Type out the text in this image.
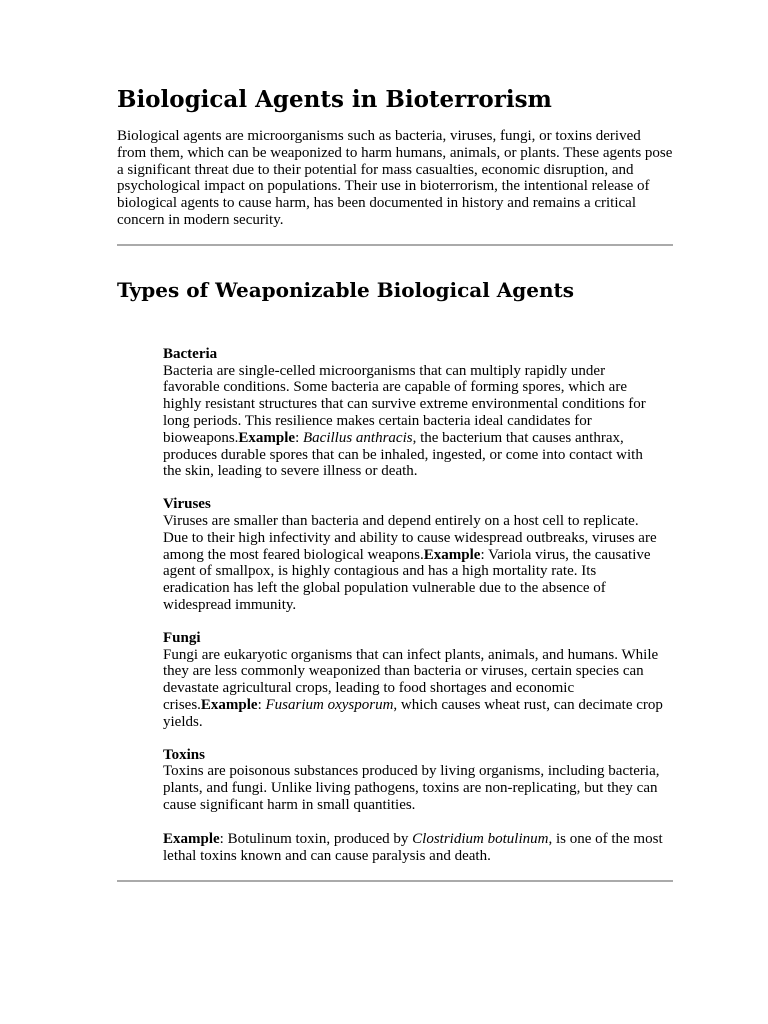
Biological Agents in Bioterrorism

Biological agents are microorganisms such as bacteria, viruses, fungi, or toxins derived from them, which can be weaponized to harm humans, animals, or plants. These agents pose a significant threat due to their potential for mass casualties, economic disruption, and psychological impact on populations. Their use in bioterrorism, the intentional release of biological agents to cause harm, has been documented in history and remains a critical concern in modern security.

Types of Weaponizable Biological Agents

Bacteria
Bacteria are single-celled microorganisms that can multiply rapidly under favorable conditions. Some bacteria are capable of forming spores, which are highly resistant structures that can survive extreme environmental conditions for long periods. This resilience makes certain bacteria ideal candidates for bioweapons.Example: Bacillus anthracis, the bacterium that causes anthrax, produces durable spores that can be inhaled, ingested, or come into contact with the skin, leading to severe illness or death.

Viruses
Viruses are smaller than bacteria and depend entirely on a host cell to replicate. Due to their high infectivity and ability to cause widespread outbreaks, viruses are among the most feared biological weapons.Example: Variola virus, the causative agent of smallpox, is highly contagious and has a high mortality rate. Its eradication has left the global population vulnerable due to the absence of widespread immunity.

Fungi
Fungi are eukaryotic organisms that can infect plants, animals, and humans. While they are less commonly weaponized than bacteria or viruses, certain species can devastate agricultural crops, leading to food shortages and economic crises.Example: Fusarium oxysporum, which causes wheat rust, can decimate crop yields.

Toxins
Toxins are poisonous substances produced by living organisms, including bacteria, plants, and fungi. Unlike living pathogens, toxins are non-replicating, but they can cause significant harm in small quantities.

Example: Botulinum toxin, produced by Clostridium botulinum, is one of the most lethal toxins known and can cause paralysis and death.
